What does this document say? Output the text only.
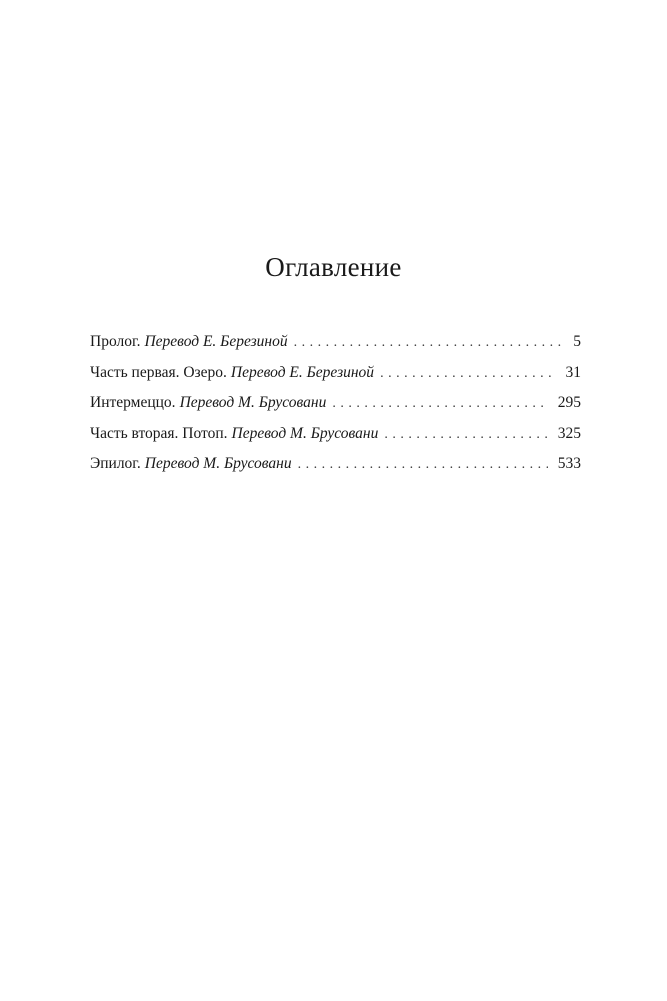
Оглавление
Пролог. Перевод Е. Березиной . . .	5
Часть первая. Озеро. Перевод Е. Березиной . . .	31
Интермеццо. Перевод М. Брусовани . . .	295
Часть вторая. Потоп. Перевод М. Брусовани . . .	325
Эпилог. Перевод М. Брусовани . . .	533
